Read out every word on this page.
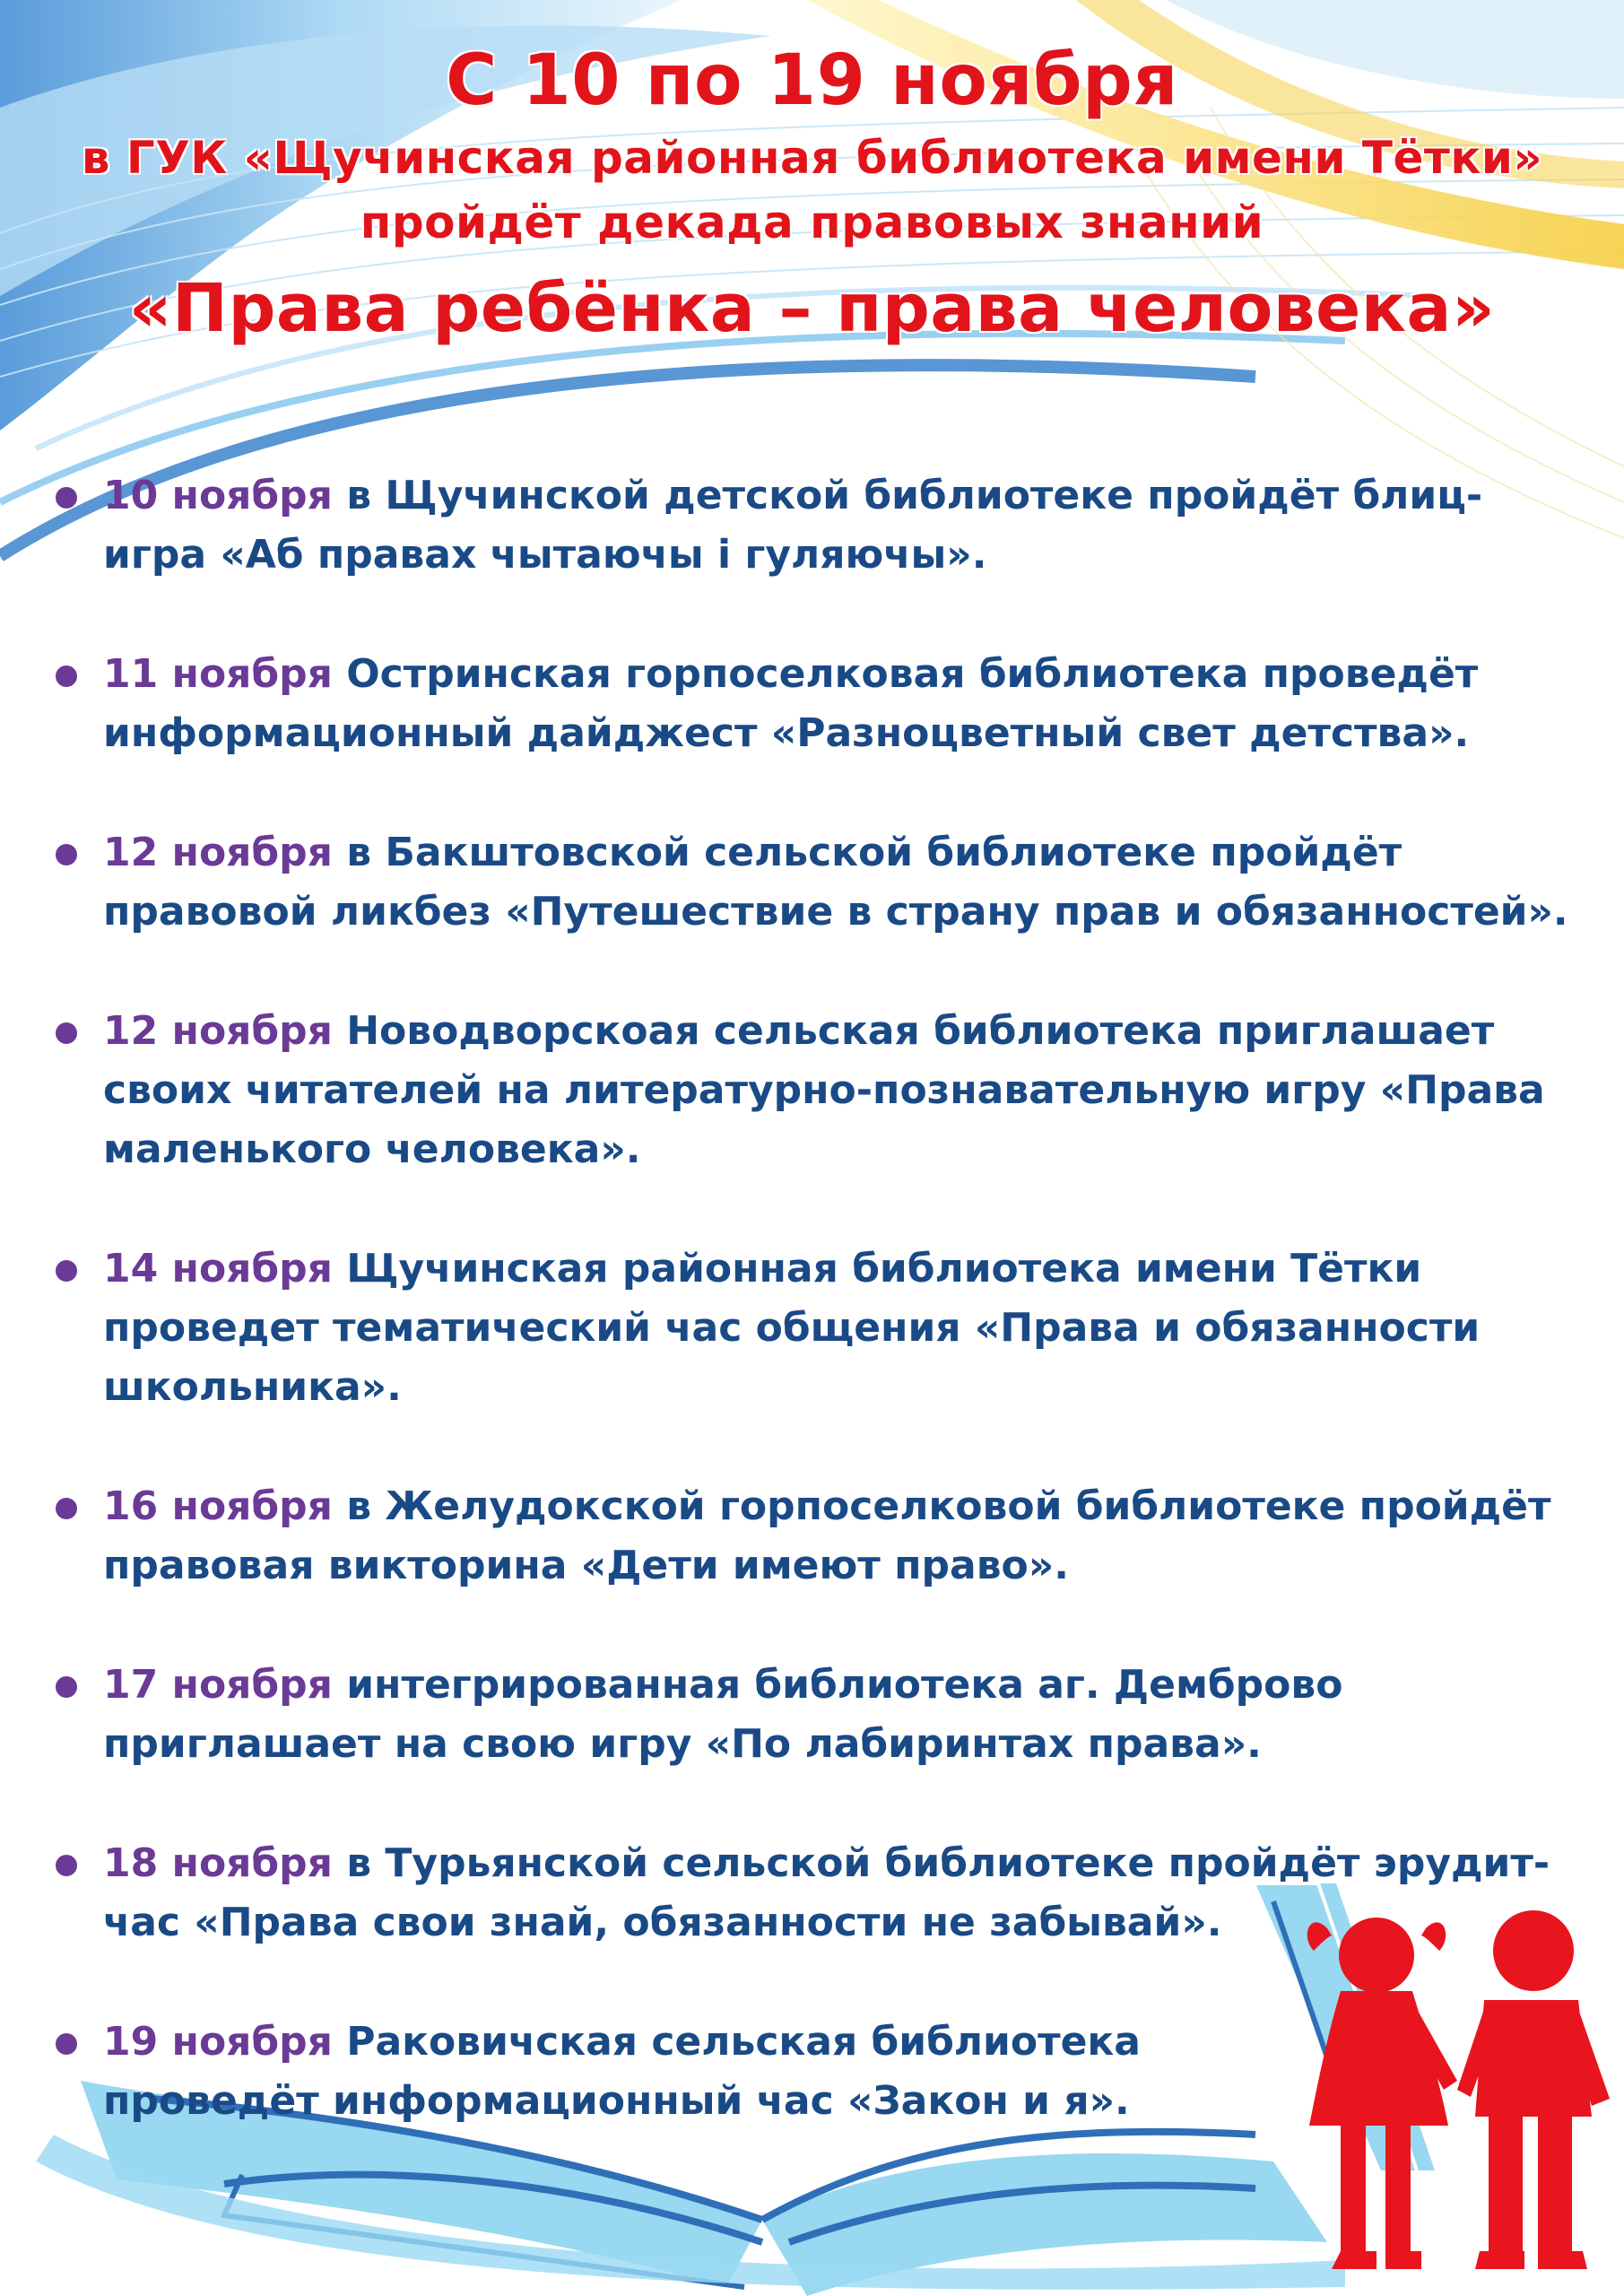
С 10 по 19 ноября
в ГУК «Щучинская районная библиотека имени Тётки»
пройдёт декада правовых знаний
«Права ребёнка – права человека»
10 ноября в Щучинской детской библиотеке пройдёт блиц-игра «Аб правах чытаючы і гуляючы».
11 ноября Остринская горпоселковая библиотека проведёт информационный дайджест «Разноцветный свет детства».
12 ноября в Бакштовской сельской библиотеке пройдёт правовой ликбез «Путешествие в страну прав и обязанностей».
12 ноября Новодворскоая сельская библиотека приглашает своих читателей на литературно-познавательную игру «Права маленького человека».
14 ноября Щучинская районная библиотека имени Тётки проведет тематический час общения «Права и обязанности школьника».
16 ноября в Желудокской горпоселковой библиотеке пройдёт правовая викторина «Дети имеют право».
17 ноября интегрированная библиотека аг. Демброво приглашает на свою игру «По лабиринтах права».
18 ноября в Турьянской сельской библиотеке пройдёт эрудит-час «Права свои знай, обязанности не забывай».
19 ноября Раковичская сельская библиотека проведёт информационный час «Закон и я».
